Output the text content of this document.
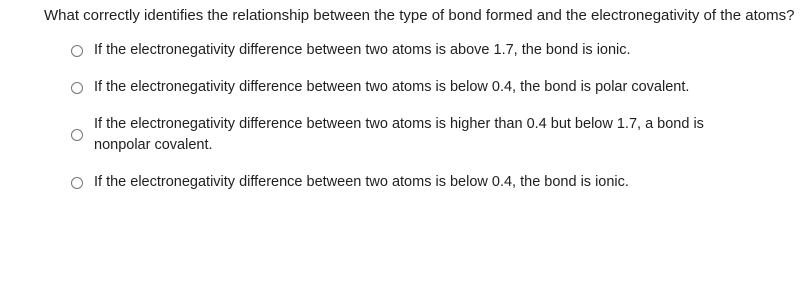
What correctly identifies the relationship between the type of bond formed and the electronegativity of the atoms?
If the electronegativity difference between two atoms is above 1.7, the bond is ionic.
If the electronegativity difference between two atoms is below 0.4, the bond is polar covalent.
If the electronegativity difference between two atoms is higher than 0.4 but below 1.7, a bond is nonpolar covalent.
If the electronegativity difference between two atoms is below 0.4, the bond is ionic.
